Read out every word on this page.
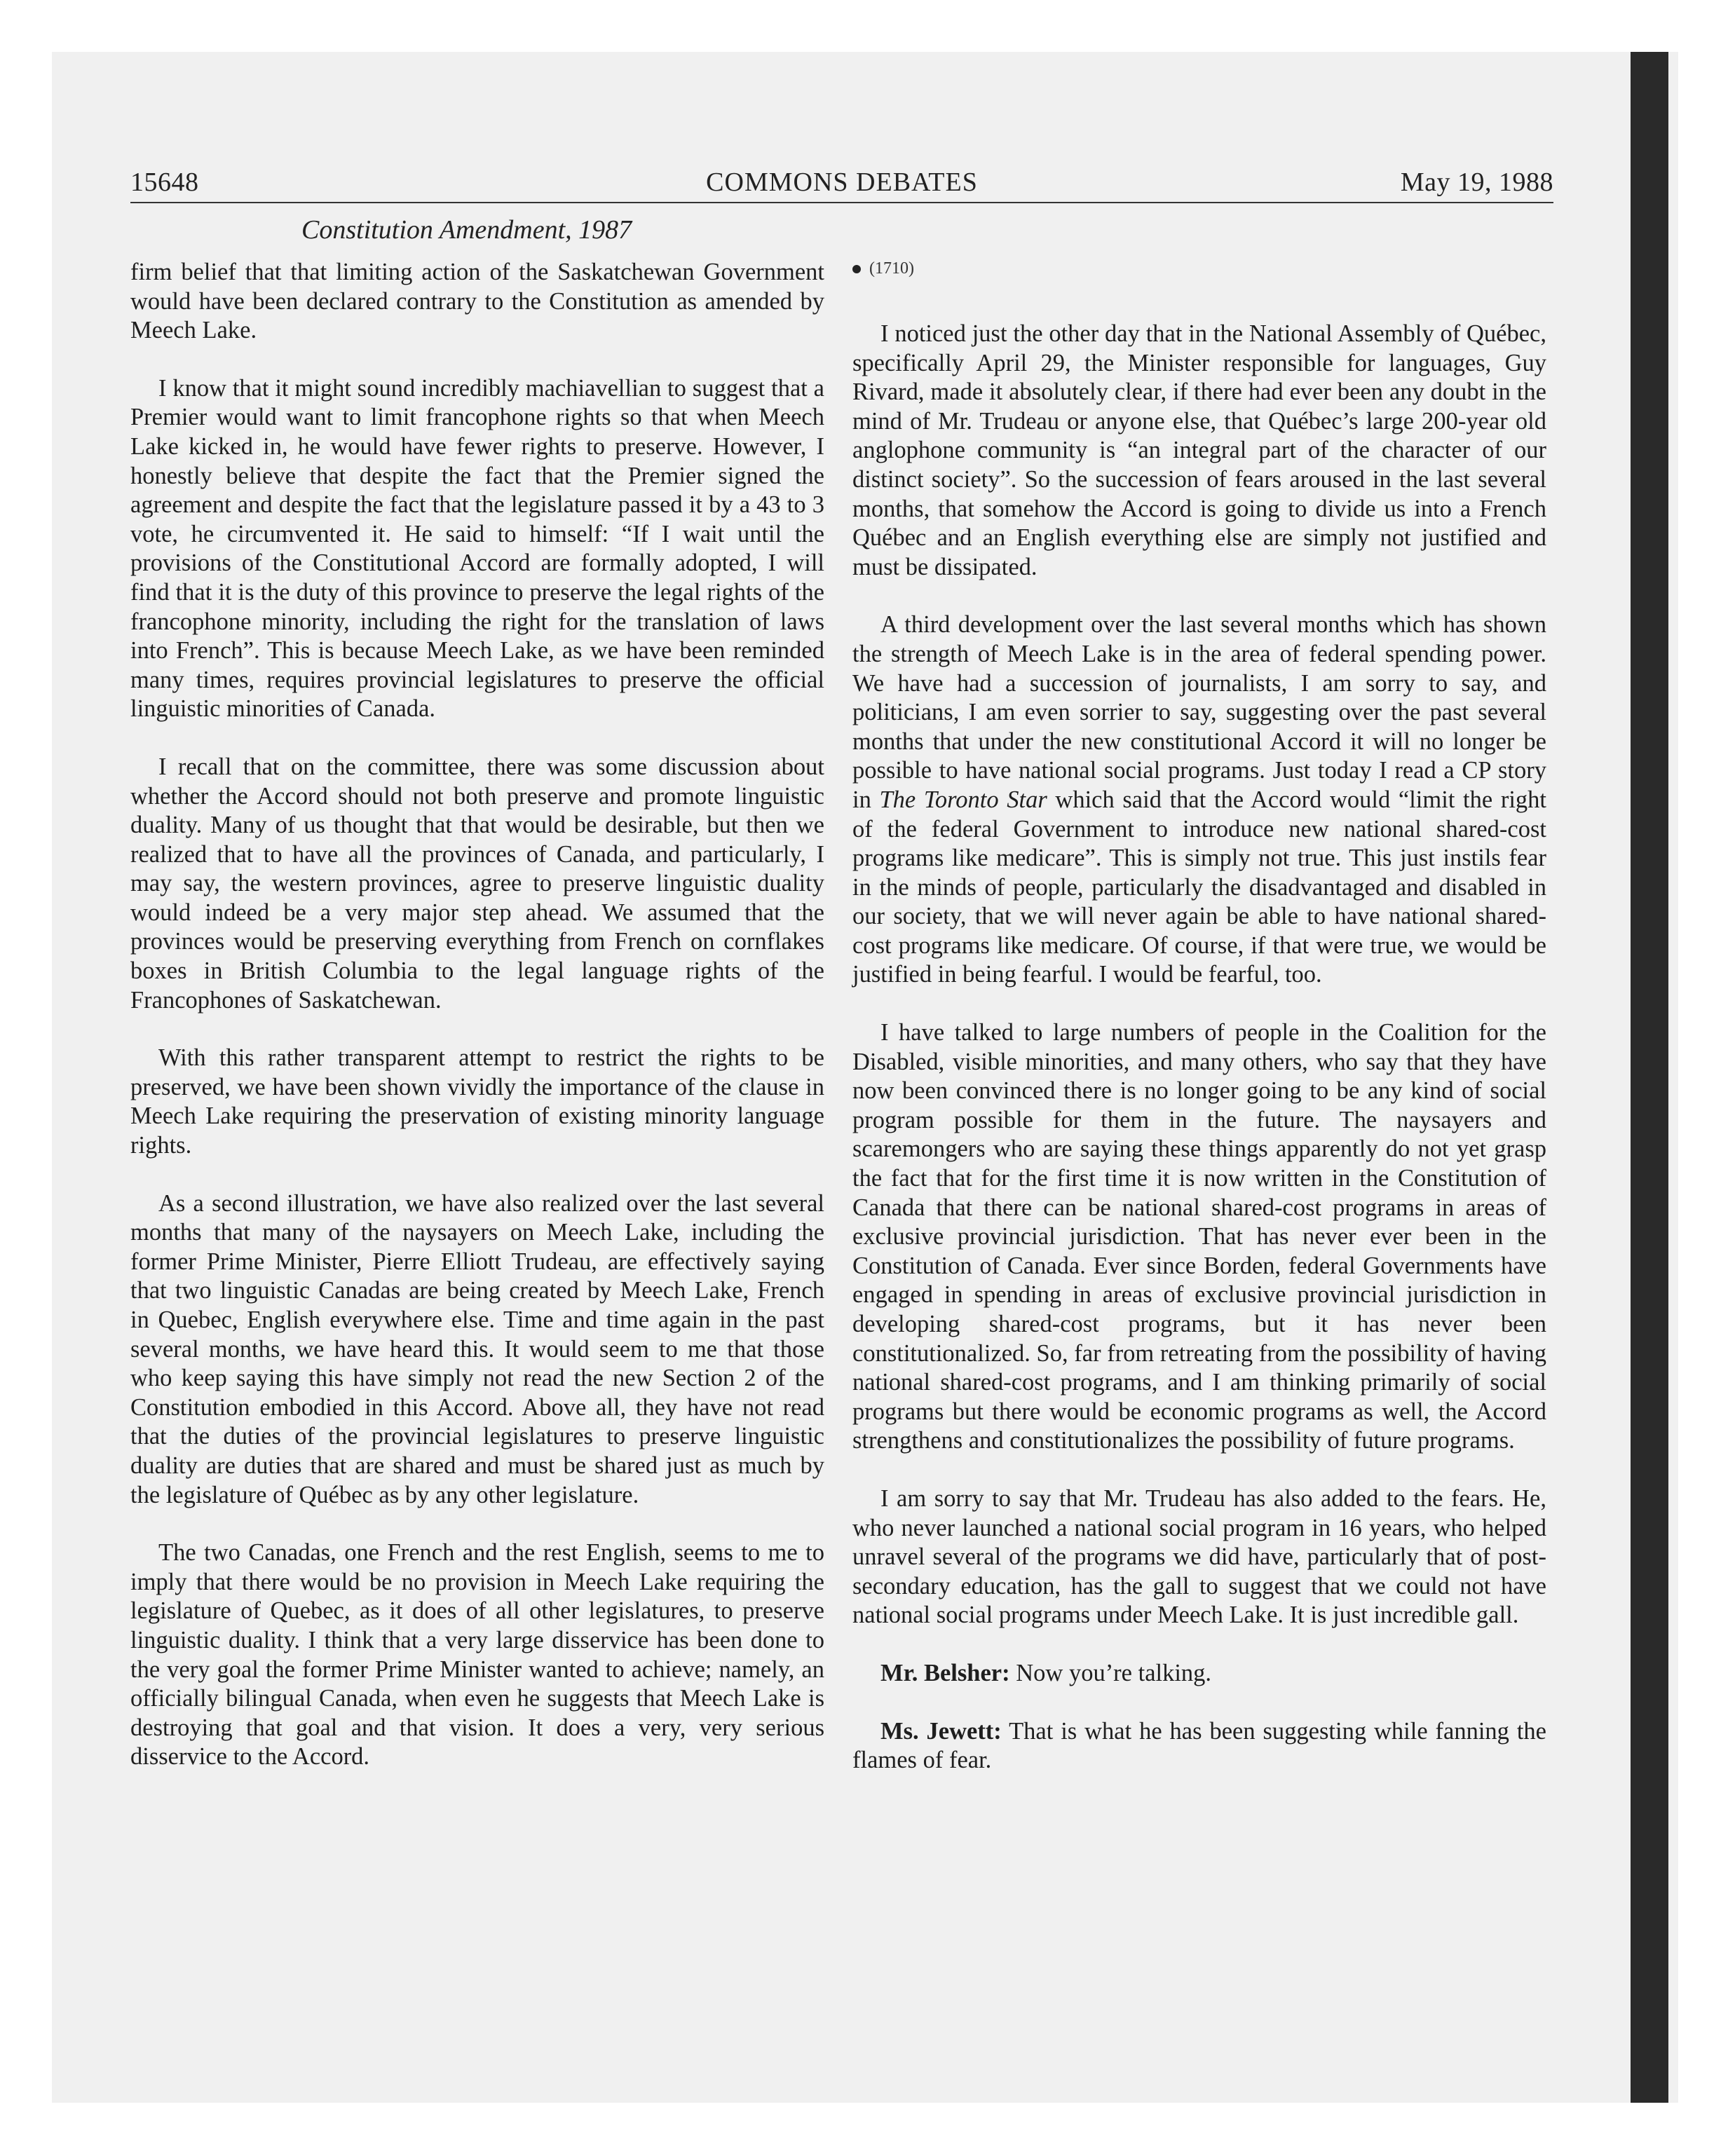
15648	COMMONS DEBATES	May 19, 1988
Constitution Amendment, 1987

firm belief that that limiting action of the Saskatchewan Government would have been declared contrary to the Constitution as amended by Meech Lake.

I know that it might sound incredibly machiavellian to suggest that a Premier would want to limit francophone rights so that when Meech Lake kicked in, he would have fewer rights to preserve. However, I honestly believe that despite the fact that the Premier signed the agreement and despite the fact that the legislature passed it by a 43 to 3 vote, he circumvented it. He said to himself: “If I wait until the provisions of the Constitutional Accord are formally adopted, I will find that it is the duty of this province to preserve the legal rights of the francophone minority, including the right for the translation of laws into French”. This is because Meech Lake, as we have been reminded many times, requires provincial legislatures to preserve the official linguistic minorities of Canada.

I recall that on the committee, there was some discussion about whether the Accord should not both preserve and promote linguistic duality. Many of us thought that that would be desirable, but then we realized that to have all the provinces of Canada, and particularly, I may say, the western provinces, agree to preserve linguistic duality would indeed be a very major step ahead. We assumed that the provinces would be preserving everything from French on cornflakes boxes in British Columbia to the legal language rights of the Francophones of Saskatchewan.

With this rather transparent attempt to restrict the rights to be preserved, we have been shown vividly the importance of the clause in Meech Lake requiring the preservation of existing minority language rights.

As a second illustration, we have also realized over the last several months that many of the naysayers on Meech Lake, including the former Prime Minister, Pierre Elliott Trudeau, are effectively saying that two linguistic Canadas are being created by Meech Lake, French in Quebec, English everywhere else. Time and time again in the past several months, we have heard this. It would seem to me that those who keep saying this have simply not read the new Section 2 of the Constitution embodied in this Accord. Above all, they have not read that the duties of the provincial legislatures to preserve linguistic duality are duties that are shared and must be shared just as much by the legislature of Québec as by any other legislature.

The two Canadas, one French and the rest English, seems to me to imply that there would be no provision in Meech Lake requiring the legislature of Quebec, as it does of all other legislatures, to preserve linguistic duality. I think that a very large disservice has been done to the very goal the former Prime Minister wanted to achieve; namely, an officially bilingual Canada, when even he suggests that Meech Lake is destroying that goal and that vision. It does a very, very serious disservice to the Accord.

(1710)

I noticed just the other day that in the National Assembly of Québec, specifically April 29, the Minister responsible for languages, Guy Rivard, made it absolutely clear, if there had ever been any doubt in the mind of Mr. Trudeau or anyone else, that Québec’s large 200-year old anglophone community is “an integral part of the character of our distinct society”. So the succession of fears aroused in the last several months, that somehow the Accord is going to divide us into a French Québec and an English everything else are simply not justified and must be dissipated.

A third development over the last several months which has shown the strength of Meech Lake is in the area of federal spending power. We have had a succession of journalists, I am sorry to say, and politicians, I am even sorrier to say, suggesting over the past several months that under the new constitutional Accord it will no longer be possible to have national social programs. Just today I read a CP story in The Toronto Star which said that the Accord would “limit the right of the federal Government to introduce new national shared-cost programs like medicare”. This is simply not true. This just instils fear in the minds of people, particularly the disadvantaged and disabled in our society, that we will never again be able to have national shared-cost programs like medicare. Of course, if that were true, we would be justified in being fearful. I would be fearful, too.

I have talked to large numbers of people in the Coalition for the Disabled, visible minorities, and many others, who say that they have now been convinced there is no longer going to be any kind of social program possible for them in the future. The naysayers and scaremongers who are saying these things apparently do not yet grasp the fact that for the first time it is now written in the Constitution of Canada that there can be national shared-cost programs in areas of exclusive provincial jurisdiction. That has never ever been in the Constitution of Canada. Ever since Borden, federal Governments have engaged in spending in areas of exclusive provincial jurisdiction in developing shared-cost programs, but it has never been constitutionalized. So, far from retreating from the possibility of having national shared-cost programs, and I am thinking primarily of social programs but there would be economic programs as well, the Accord strengthens and constitutionalizes the possibility of future programs.

I am sorry to say that Mr. Trudeau has also added to the fears. He, who never launched a national social program in 16 years, who helped unravel several of the programs we did have, particularly that of post-secondary education, has the gall to suggest that we could not have national social programs under Meech Lake. It is just incredible gall.

Mr. Belsher: Now you’re talking.

Ms. Jewett: That is what he has been suggesting while fanning the flames of fear.
